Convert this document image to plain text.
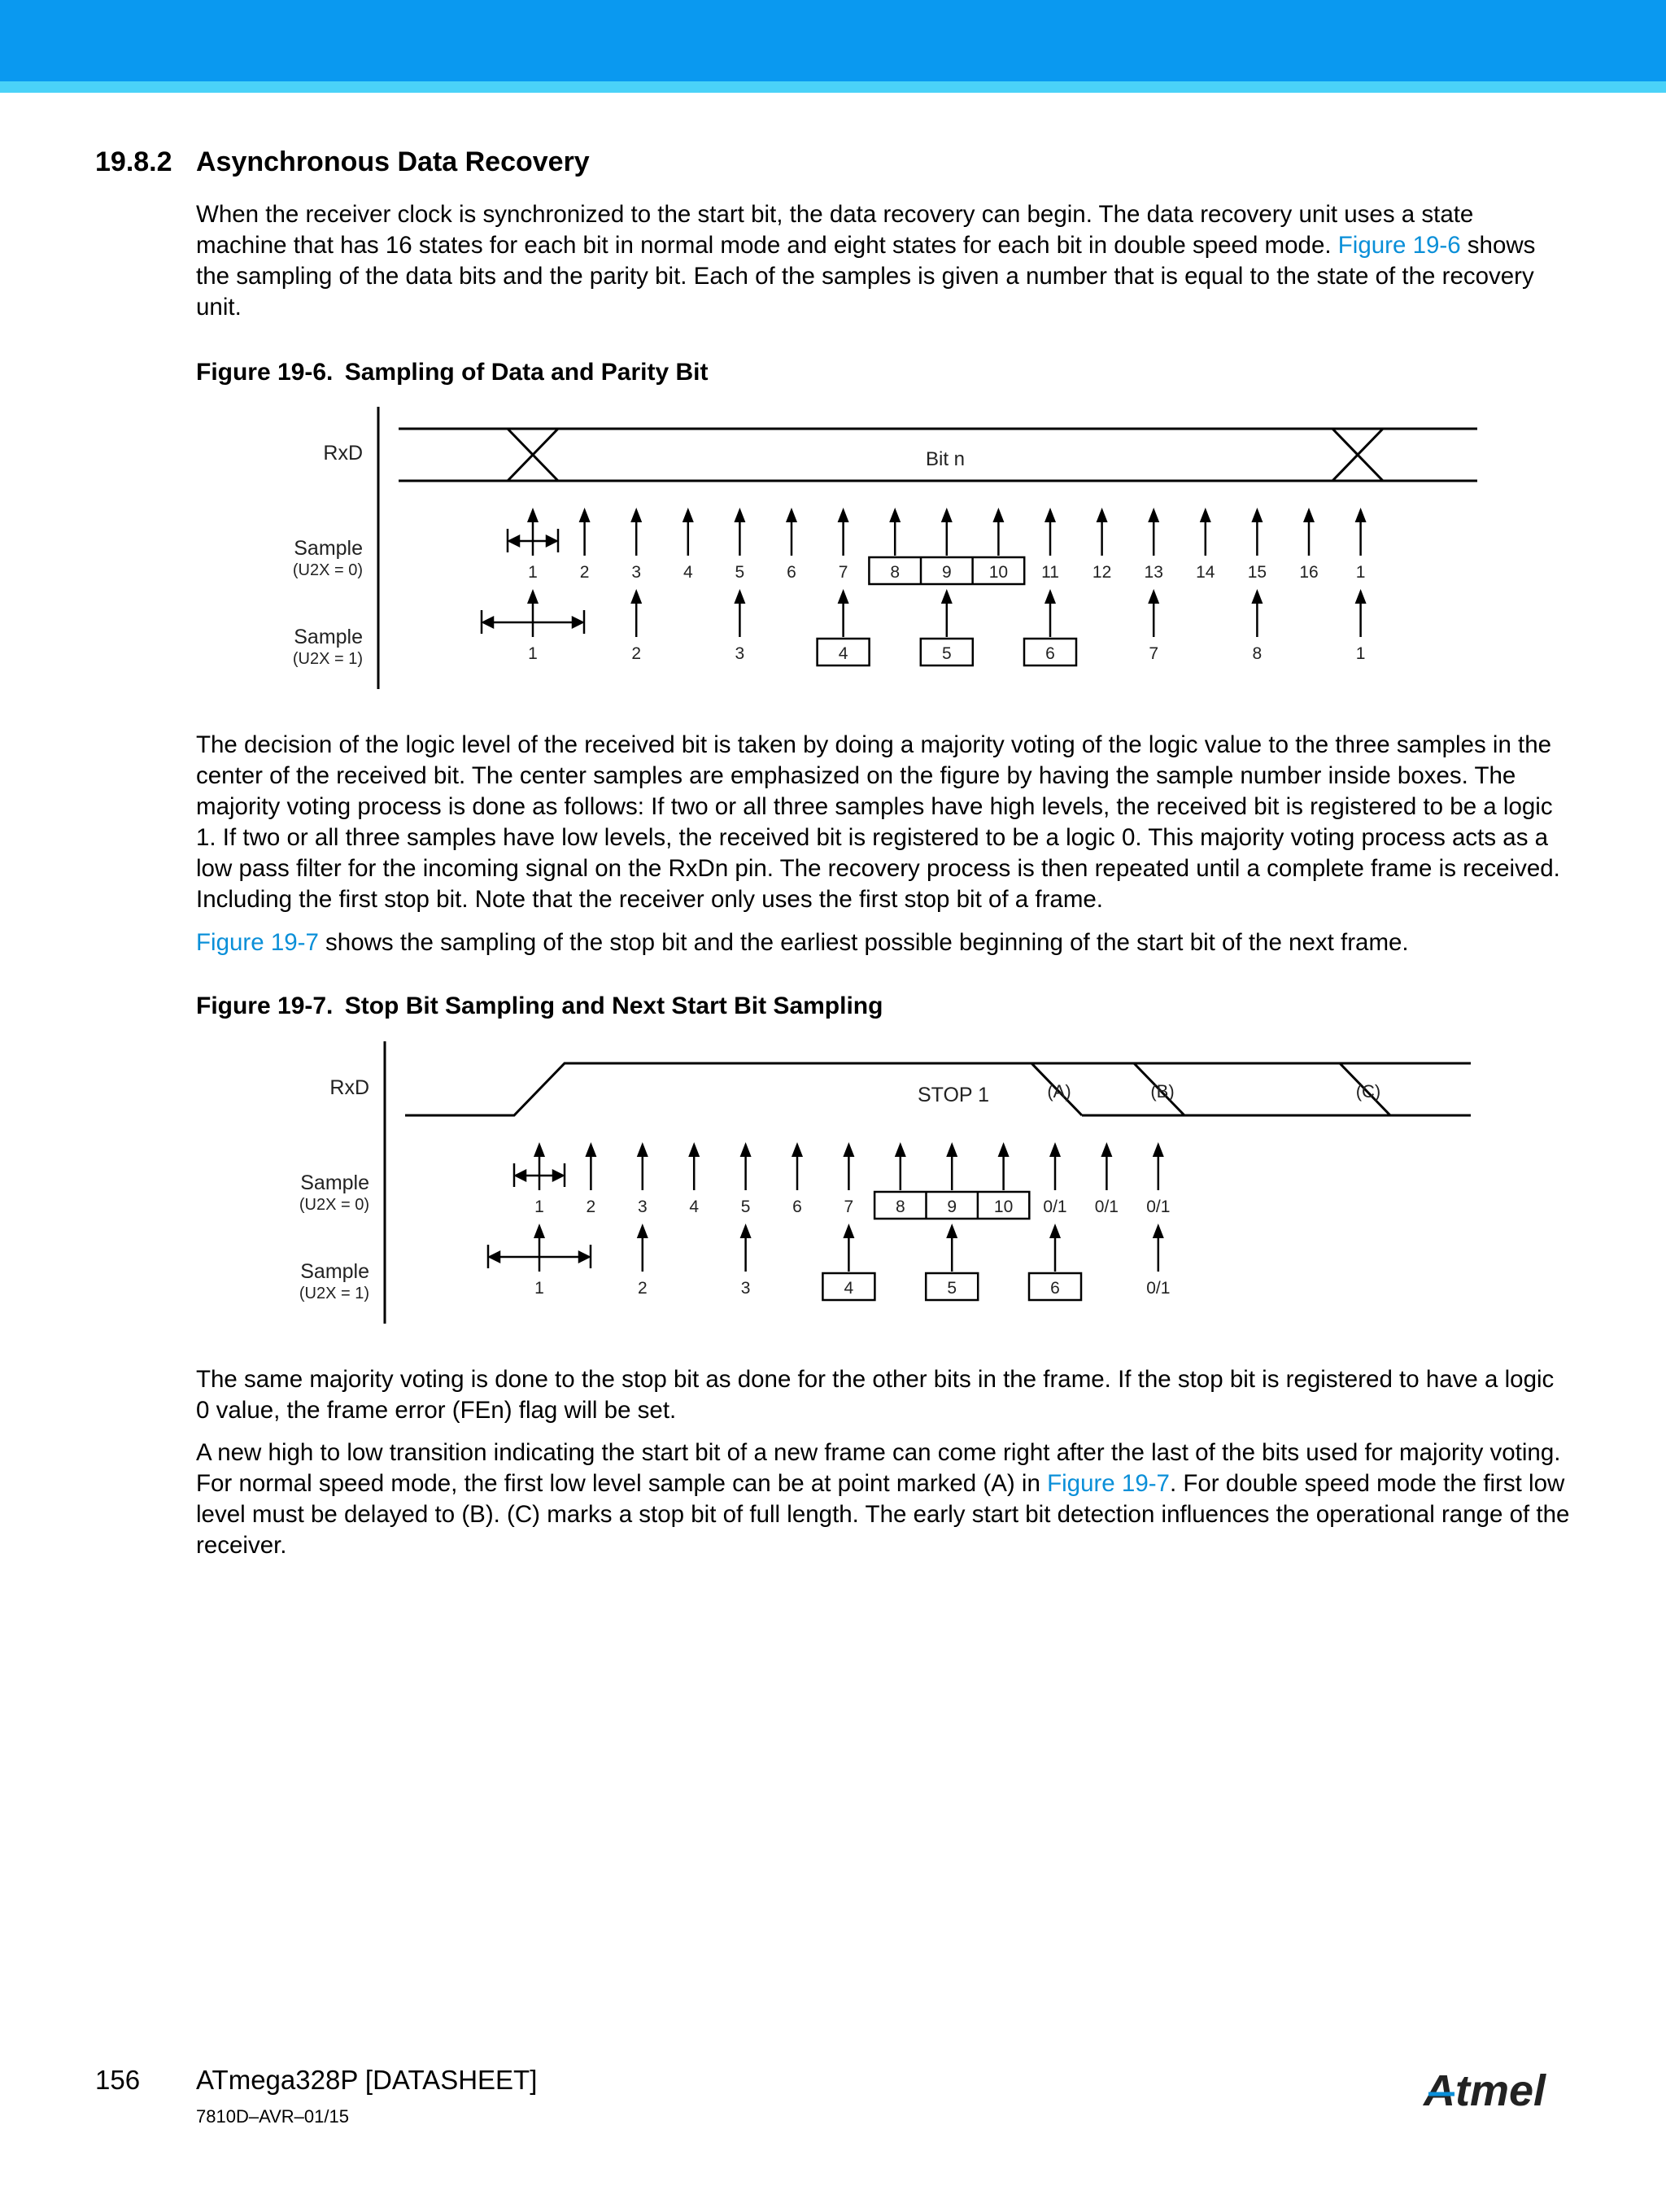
19.8.2 Asynchronous Data Recovery

When the receiver clock is synchronized to the start bit, the data recovery can begin. The data recovery unit uses a state machine that has 16 states for each bit in normal mode and eight states for each bit in double speed mode. Figure 19-6 shows the sampling of the data bits and the parity bit. Each of the samples is given a number that is equal to the state of the recovery unit.

Figure 19-6. Sampling of Data and Parity Bit
RxD	Bit n
Sample
(U2X = 0)
Sample
(U2X = 1)
1 2 3 4 5 6 7 8 9 10 11 12 13 14 15 16 1
1	2	3	4	5	6	7	8	1

The decision of the logic level of the received bit is taken by doing a majority voting of the logic value to the three samples in the center of the received bit. The center samples are emphasized on the figure by having the sample number inside boxes. The majority voting process is done as follows: If two or all three samples have high levels, the received bit is registered to be a logic 1. If two or all three samples have low levels, the received bit is registered to be a logic 0. This majority voting process acts as a low pass filter for the incoming signal on the RxDn pin. The recovery process is then repeated until a complete frame is received. Including the first stop bit. Note that the receiver only uses the first stop bit of a frame.

Figure 19-7 shows the sampling of the stop bit and the earliest possible beginning of the start bit of the next frame.

Figure 19-7. Stop Bit Sampling and Next Start Bit Sampling
RxD	STOP 1	(A)	(B)	(C)
Sample
(U2X = 0)
Sample
(U2X = 1)
1 2 3 4 5 6 7 8 9 10 0/1 0/1 0/1
1	2	3	4	5	6	0/1

The same majority voting is done to the stop bit as done for the other bits in the frame. If the stop bit is registered to have a logic 0 value, the frame error (FEn) flag will be set.

A new high to low transition indicating the start bit of a new frame can come right after the last of the bits used for majority voting. For normal speed mode, the first low level sample can be at point marked (A) in Figure 19-7. For double speed mode the first low level must be delayed to (B). (C) marks a stop bit of full length. The early start bit detection influences the operational range of the receiver.

156 ATmega328P [DATASHEET]
7810D–AVR–01/15
Atmel
